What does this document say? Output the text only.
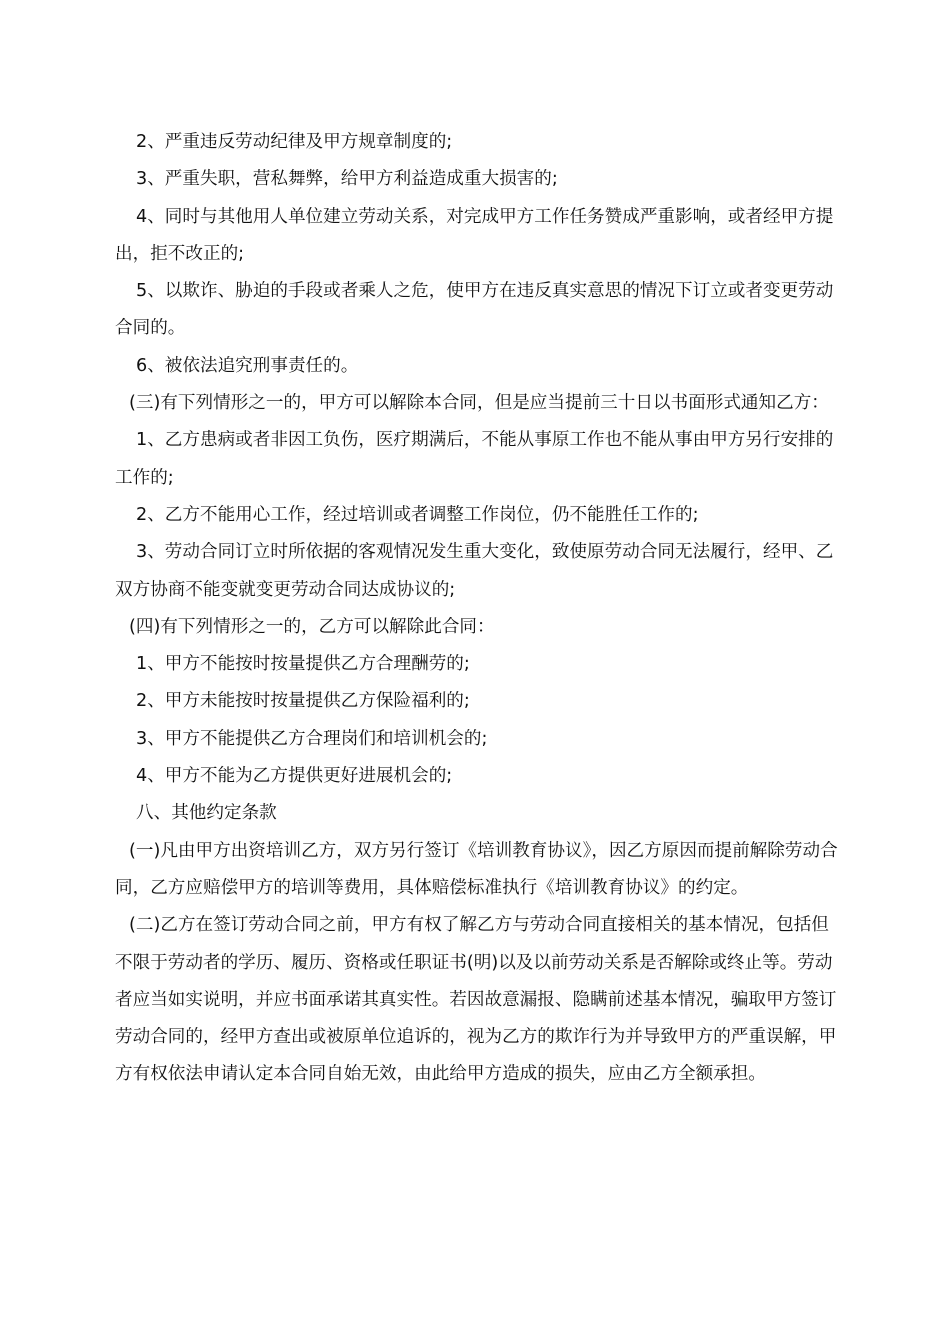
2、严重违反劳动纪律及甲方规章制度的;

3、严重失职，营私舞弊，给甲方利益造成重大损害的;

4、同时与其他用人单位建立劳动关系，对完成甲方工作任务赞成严重影响，或者经甲方提出，拒不改正的;

5、以欺诈、胁迫的手段或者乘人之危，使甲方在违反真实意思的情况下订立或者变更劳动合同的。

6、被依法追究刑事责任的。

(三)有下列情形之一的，甲方可以解除本合同，但是应当提前三十日以书面形式通知乙方：

1、乙方患病或者非因工负伤，医疗期满后，不能从事原工作也不能从事由甲方另行安排的工作的;

2、乙方不能用心工作，经过培训或者调整工作岗位，仍不能胜任工作的;

3、劳动合同订立时所依据的客观情况发生重大变化，致使原劳动合同无法履行，经甲、乙双方协商不能变就变更劳动合同达成协议的;

(四)有下列情形之一的，乙方可以解除此合同：

1、甲方不能按时按量提供乙方合理酬劳的;

2、甲方未能按时按量提供乙方保险福利的;

3、甲方不能提供乙方合理岗们和培训机会的;

4、甲方不能为乙方提供更好进展机会的;

八、其他约定条款

(一)凡由甲方出资培训乙方，双方另行签订《培训教育协议》，因乙方原因而提前解除劳动合同，乙方应赔偿甲方的培训等费用，具体赔偿标准执行《培训教育协议》的约定。

(二)乙方在签订劳动合同之前，甲方有权了解乙方与劳动合同直接相关的基本情况，包括但不限于劳动者的学历、履历、资格或任职证书(明)以及以前劳动关系是否解除或终止等。劳动者应当如实说明，并应书面承诺其真实性。若因故意漏报、隐瞒前述基本情况，骗取甲方签订劳动合同的，经甲方查出或被原单位追诉的，视为乙方的欺诈行为并导致甲方的严重误解，甲方有权依法申请认定本合同自始无效，由此给甲方造成的损失，应由乙方全额承担。
